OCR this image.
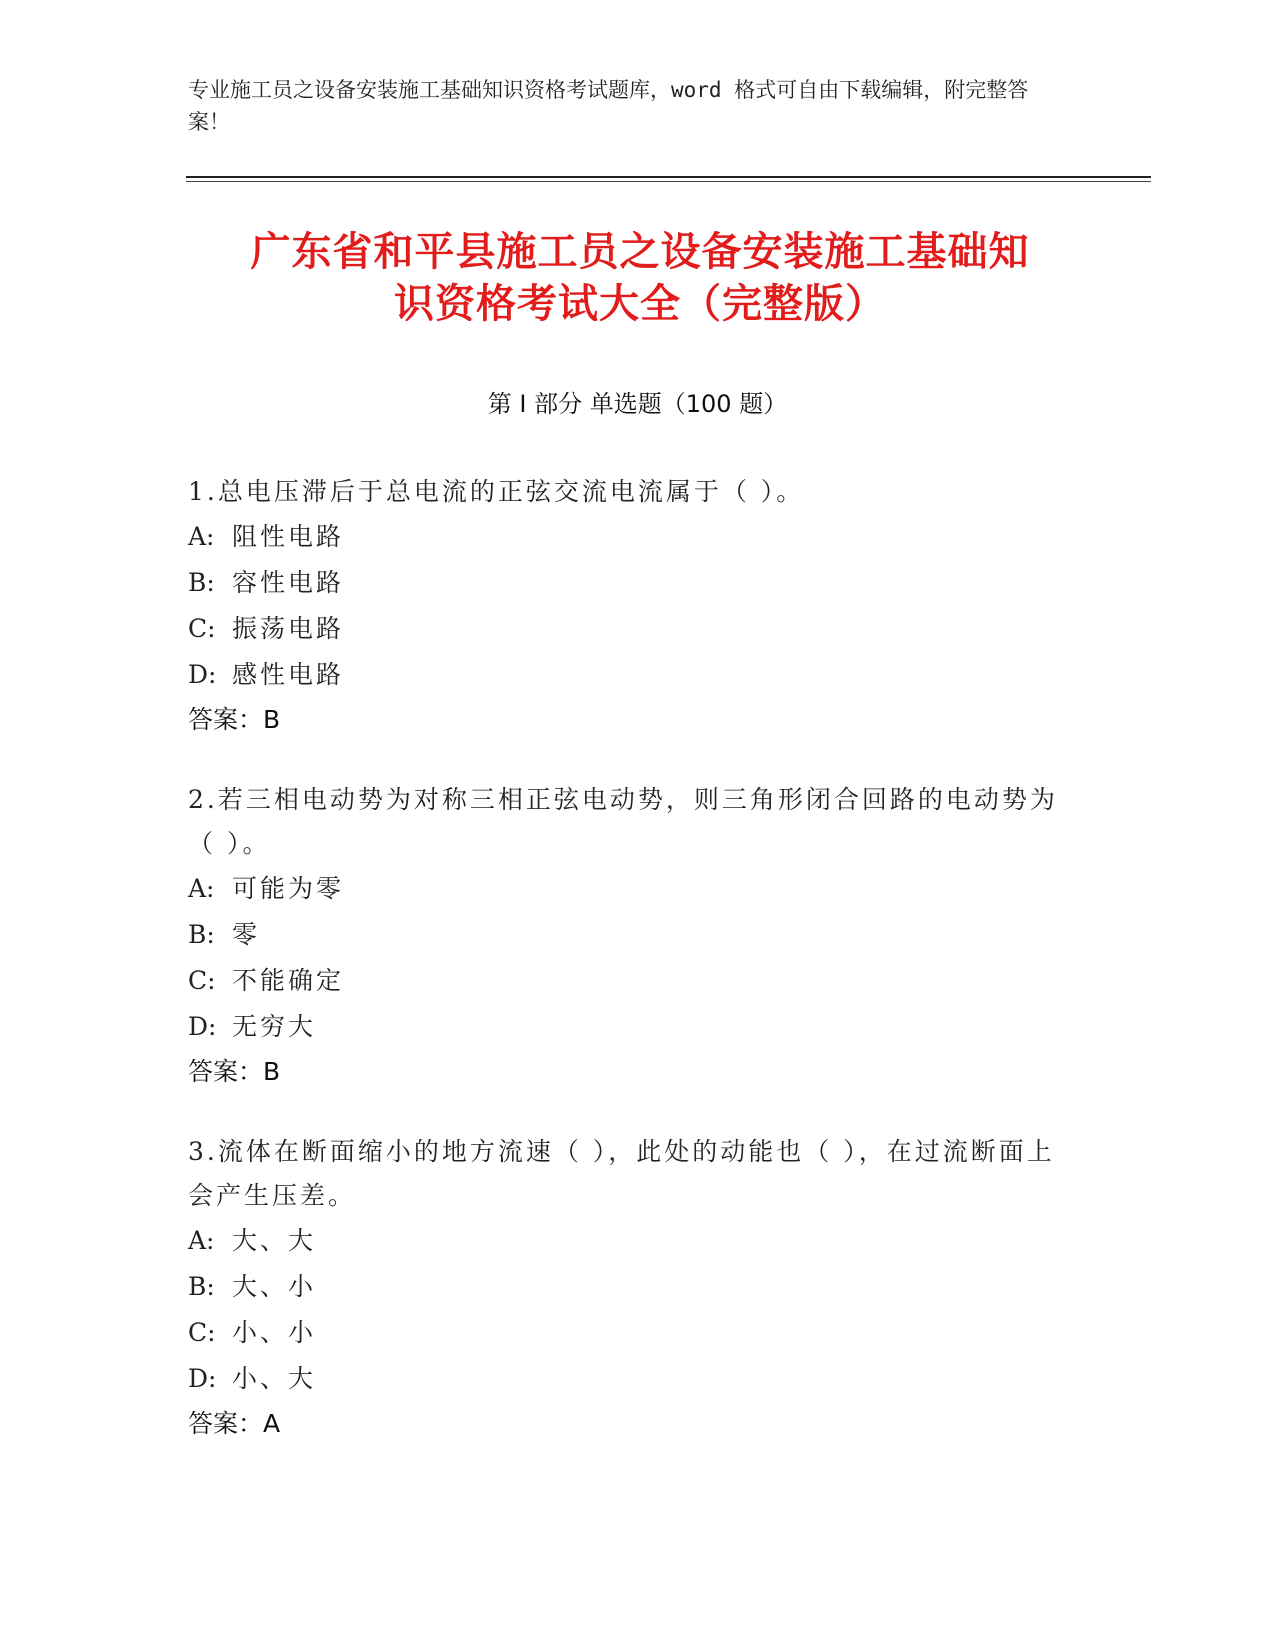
专业施工员之设备安装施工基础知识资格考试题库，word 格式可自由下载编辑，附完整答案！
广东省和平县施工员之设备安装施工基础知
识资格考试大全（完整版）
第 I 部分 单选题（100 题）
1.总电压滞后于总电流的正弦交流电流属于（ ）。
A: 阻性电路
B: 容性电路
C: 振荡电路
D: 感性电路
答案：B
2.若三相电动势为对称三相正弦电动势，则三角形闭合回路的电动势为（ ）。
A: 可能为零
B: 零
C: 不能确定
D: 无穷大
答案：B
3.流体在断面缩小的地方流速（ ），此处的动能也（ ），在过流断面上会产生压差。
A: 大、大
B: 大、小
C: 小、小
D: 小、大
答案：A
